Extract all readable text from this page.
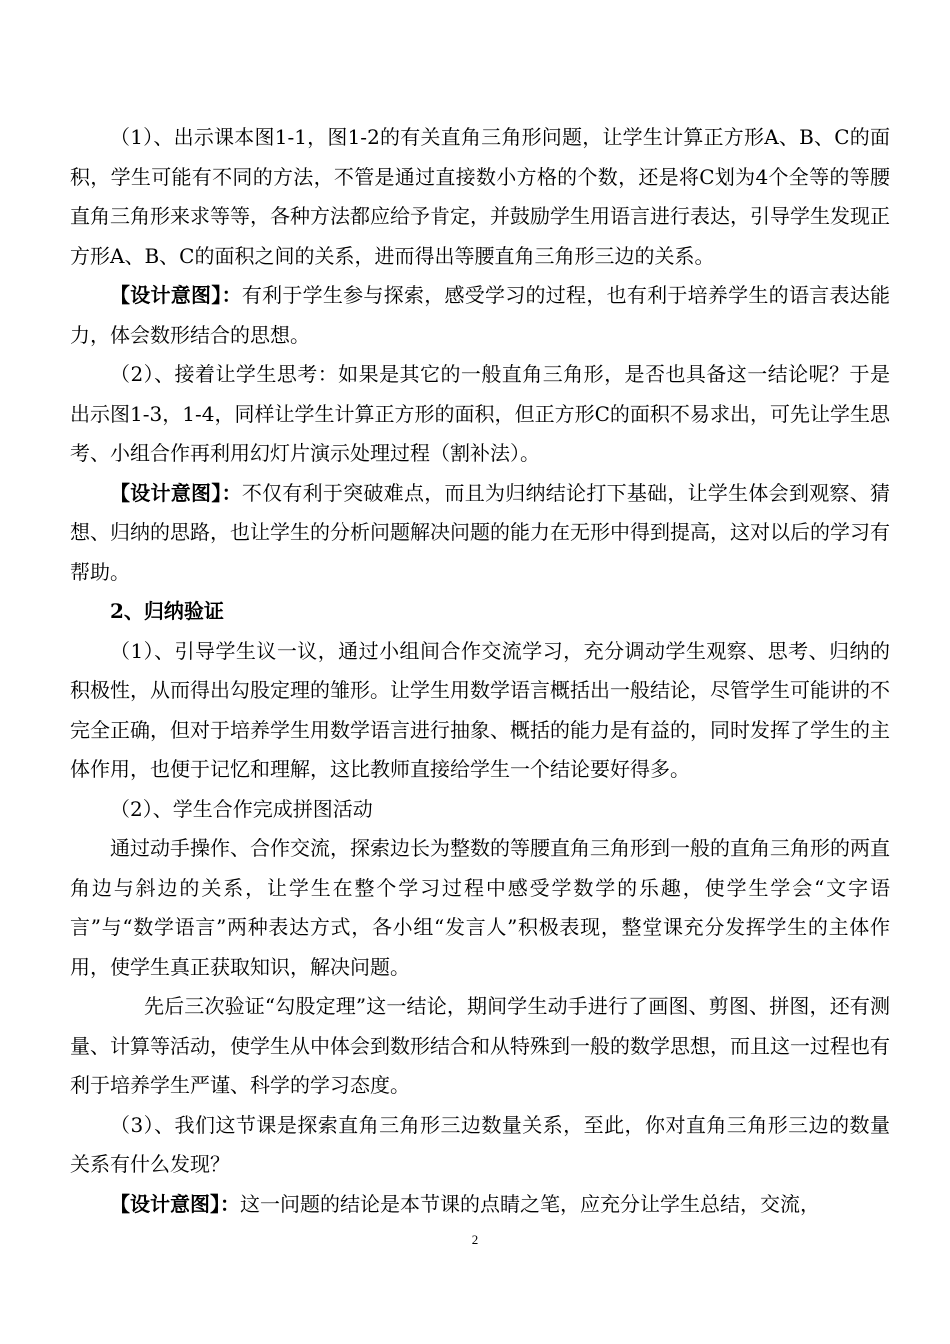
（1）、出示课本图1-1，图1-2的有关直角三角形问题，让学生计算正方形A、B、C的面积，学生可能有不同的方法，不管是通过直接数小方格的个数，还是将C划为4个全等的等腰直角三角形来求等等，各种方法都应给予肯定，并鼓励学生用语言进行表达，引导学生发现正方形A、B、C的面积之间的关系，进而得出等腰直角三角形三边的关系。

【设计意图】：有利于学生参与探索，感受学习的过程，也有利于培养学生的语言表达能力，体会数形结合的思想。

（2）、接着让学生思考：如果是其它的一般直角三角形，是否也具备这一结论呢？于是出示图1-3，1-4，同样让学生计算正方形的面积，但正方形C的面积不易求出，可先让学生思考、小组合作再利用幻灯片演示处理过程（割补法）。

【设计意图】：不仅有利于突破难点，而且为归纳结论打下基础，让学生体会到观察、猜想、归纳的思路，也让学生的分析问题解决问题的能力在无形中得到提高，这对以后的学习有帮助。

2、归纳验证

（1）、引导学生议一议，通过小组间合作交流学习，充分调动学生观察、思考、归纳的积极性，从而得出勾股定理的雏形。让学生用数学语言概括出一般结论，尽管学生可能讲的不完全正确，但对于培养学生用数学语言进行抽象、概括的能力是有益的，同时发挥了学生的主体作用，也便于记忆和理解，这比教师直接给学生一个结论要好得多。

（2）、学生合作完成拼图活动

通过动手操作、合作交流，探索边长为整数的等腰直角三角形到一般的直角三角形的两直角边与斜边的关系，让学生在整个学习过程中感受学数学的乐趣，使学生学会“文字语言”与“数学语言”两种表达方式，各小组“发言人”积极表现，整堂课充分发挥学生的主体作用，使学生真正获取知识，解决问题。

先后三次验证“勾股定理”这一结论，期间学生动手进行了画图、剪图、拼图，还有测量、计算等活动，使学生从中体会到数形结合和从特殊到一般的数学思想，而且这一过程也有利于培养学生严谨、科学的学习态度。

（3）、我们这节课是探索直角三角形三边数量关系，至此，你对直角三角形三边的数量关系有什么发现？

【设计意图】：这一问题的结论是本节课的点睛之笔，应充分让学生总结，交流，

2
